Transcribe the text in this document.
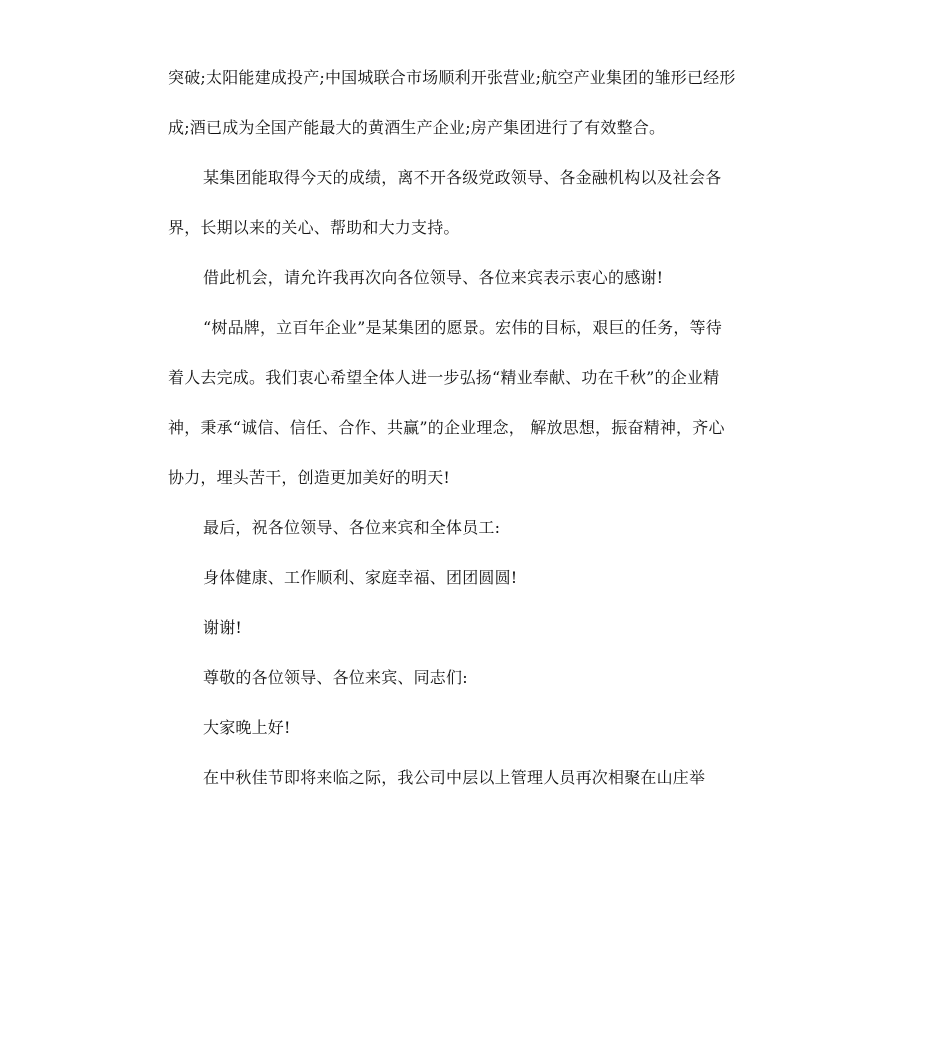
突破;太阳能建成投产;中国城联合市场顺利开张营业;航空产业集团的雏形已经形
成;酒已成为全国产能最大的黄酒生产企业;房产集团进行了有效整合。
某集团能取得今天的成绩，离不开各级党政领导、各金融机构以及社会各
界，长期以来的关心、帮助和大力支持。
借此机会，请允许我再次向各位领导、各位来宾表示衷心的感谢!
“树品牌，立百年企业”是某集团的愿景。宏伟的目标，艰巨的任务，等待
着人去完成。我们衷心希望全体人进一步弘扬“精业奉献、功在千秋”的企业精
神，秉承“诚信、信任、合作、共赢”的企业理念， 解放思想，振奋精神，齐心
协力，埋头苦干，创造更加美好的明天!
最后，祝各位领导、各位来宾和全体员工:
身体健康、工作顺利、家庭幸福、团团圆圆!
谢谢!
尊敬的各位领导、各位来宾、同志们:
大家晚上好!
在中秋佳节即将来临之际，我公司中层以上管理人员再次相聚在山庄举
